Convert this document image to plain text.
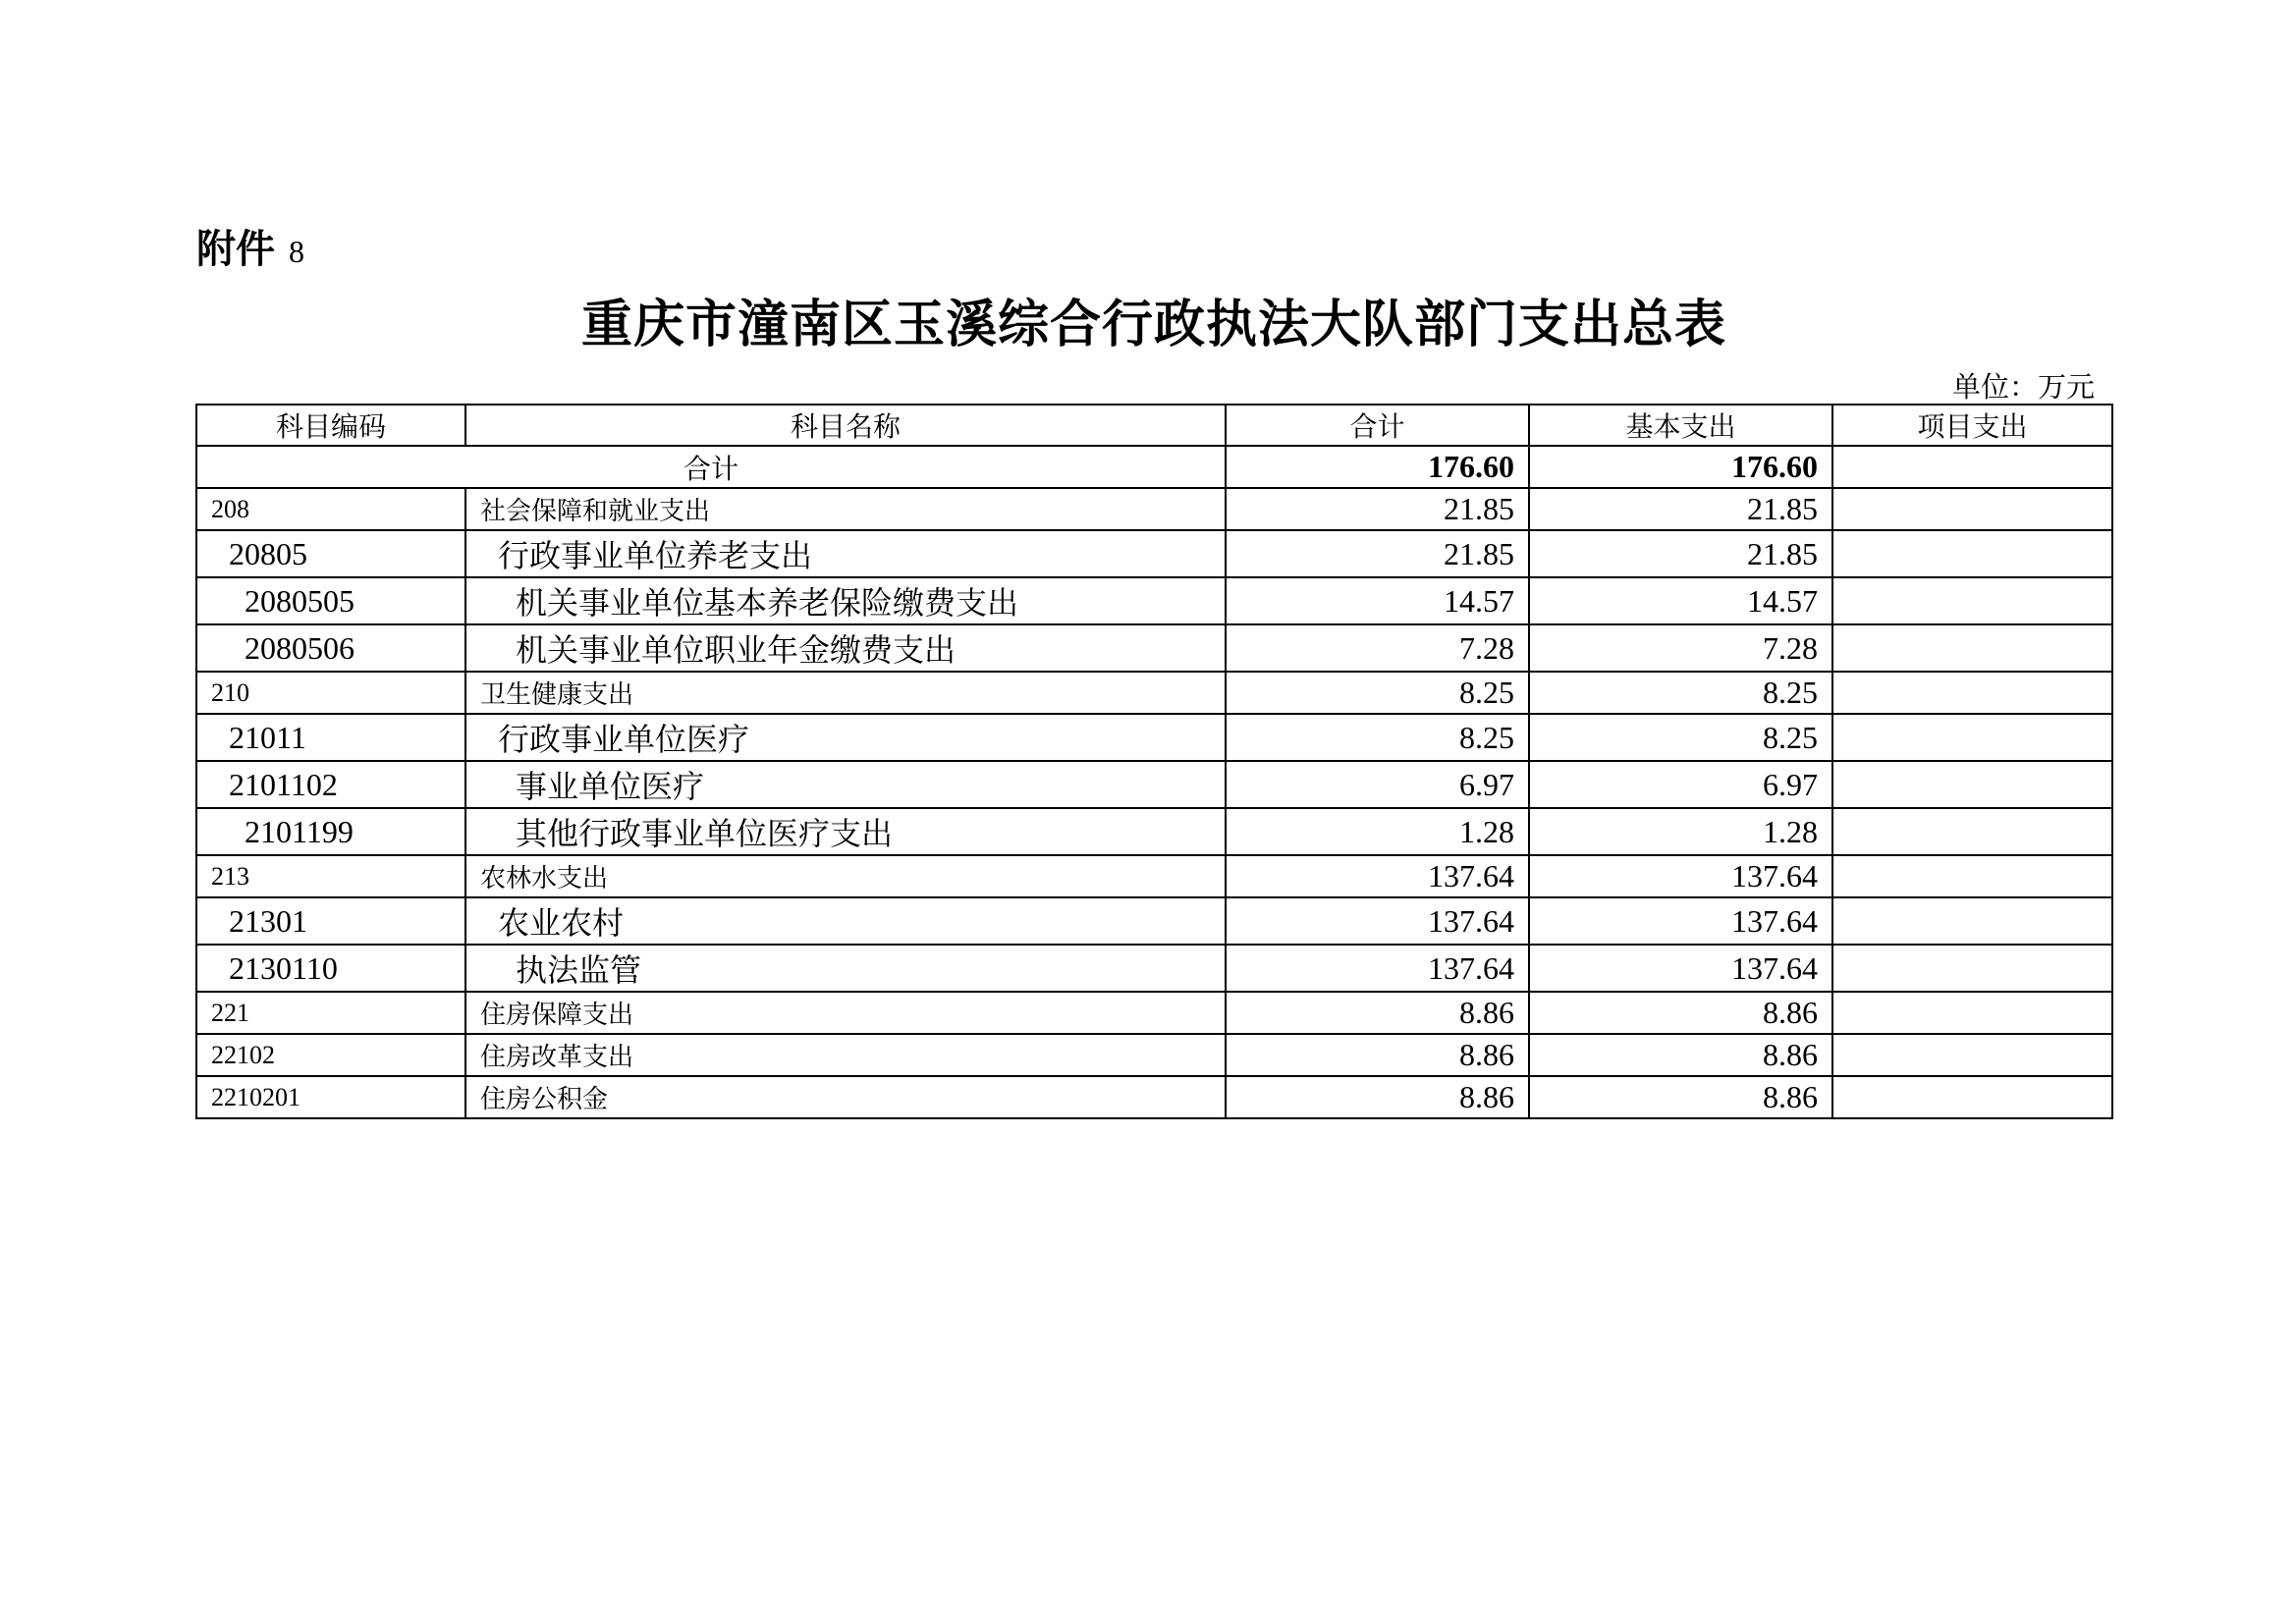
附件 8
重庆市潼南区玉溪综合行政执法大队部门支出总表
单位：万元
科目编码	科目名称	合计	基本支出	项目支出
合计		176.60	176.60	
208	社会保障和就业支出	21.85	21.85	
20805	行政事业单位养老支出	21.85	21.85	
2080505	机关事业单位基本养老保险缴费支出	14.57	14.57	
2080506	机关事业单位职业年金缴费支出	7.28	7.28	
210	卫生健康支出	8.25	8.25	
21011	行政事业单位医疗	8.25	8.25	
2101102	事业单位医疗	6.97	6.97	
2101199	其他行政事业单位医疗支出	1.28	1.28	
213	农林水支出	137.64	137.64	
21301	农业农村	137.64	137.64	
2130110	执法监管	137.64	137.64	
221	住房保障支出	8.86	8.86	
22102	住房改革支出	8.86	8.86	
2210201	住房公积金	8.86	8.86	
